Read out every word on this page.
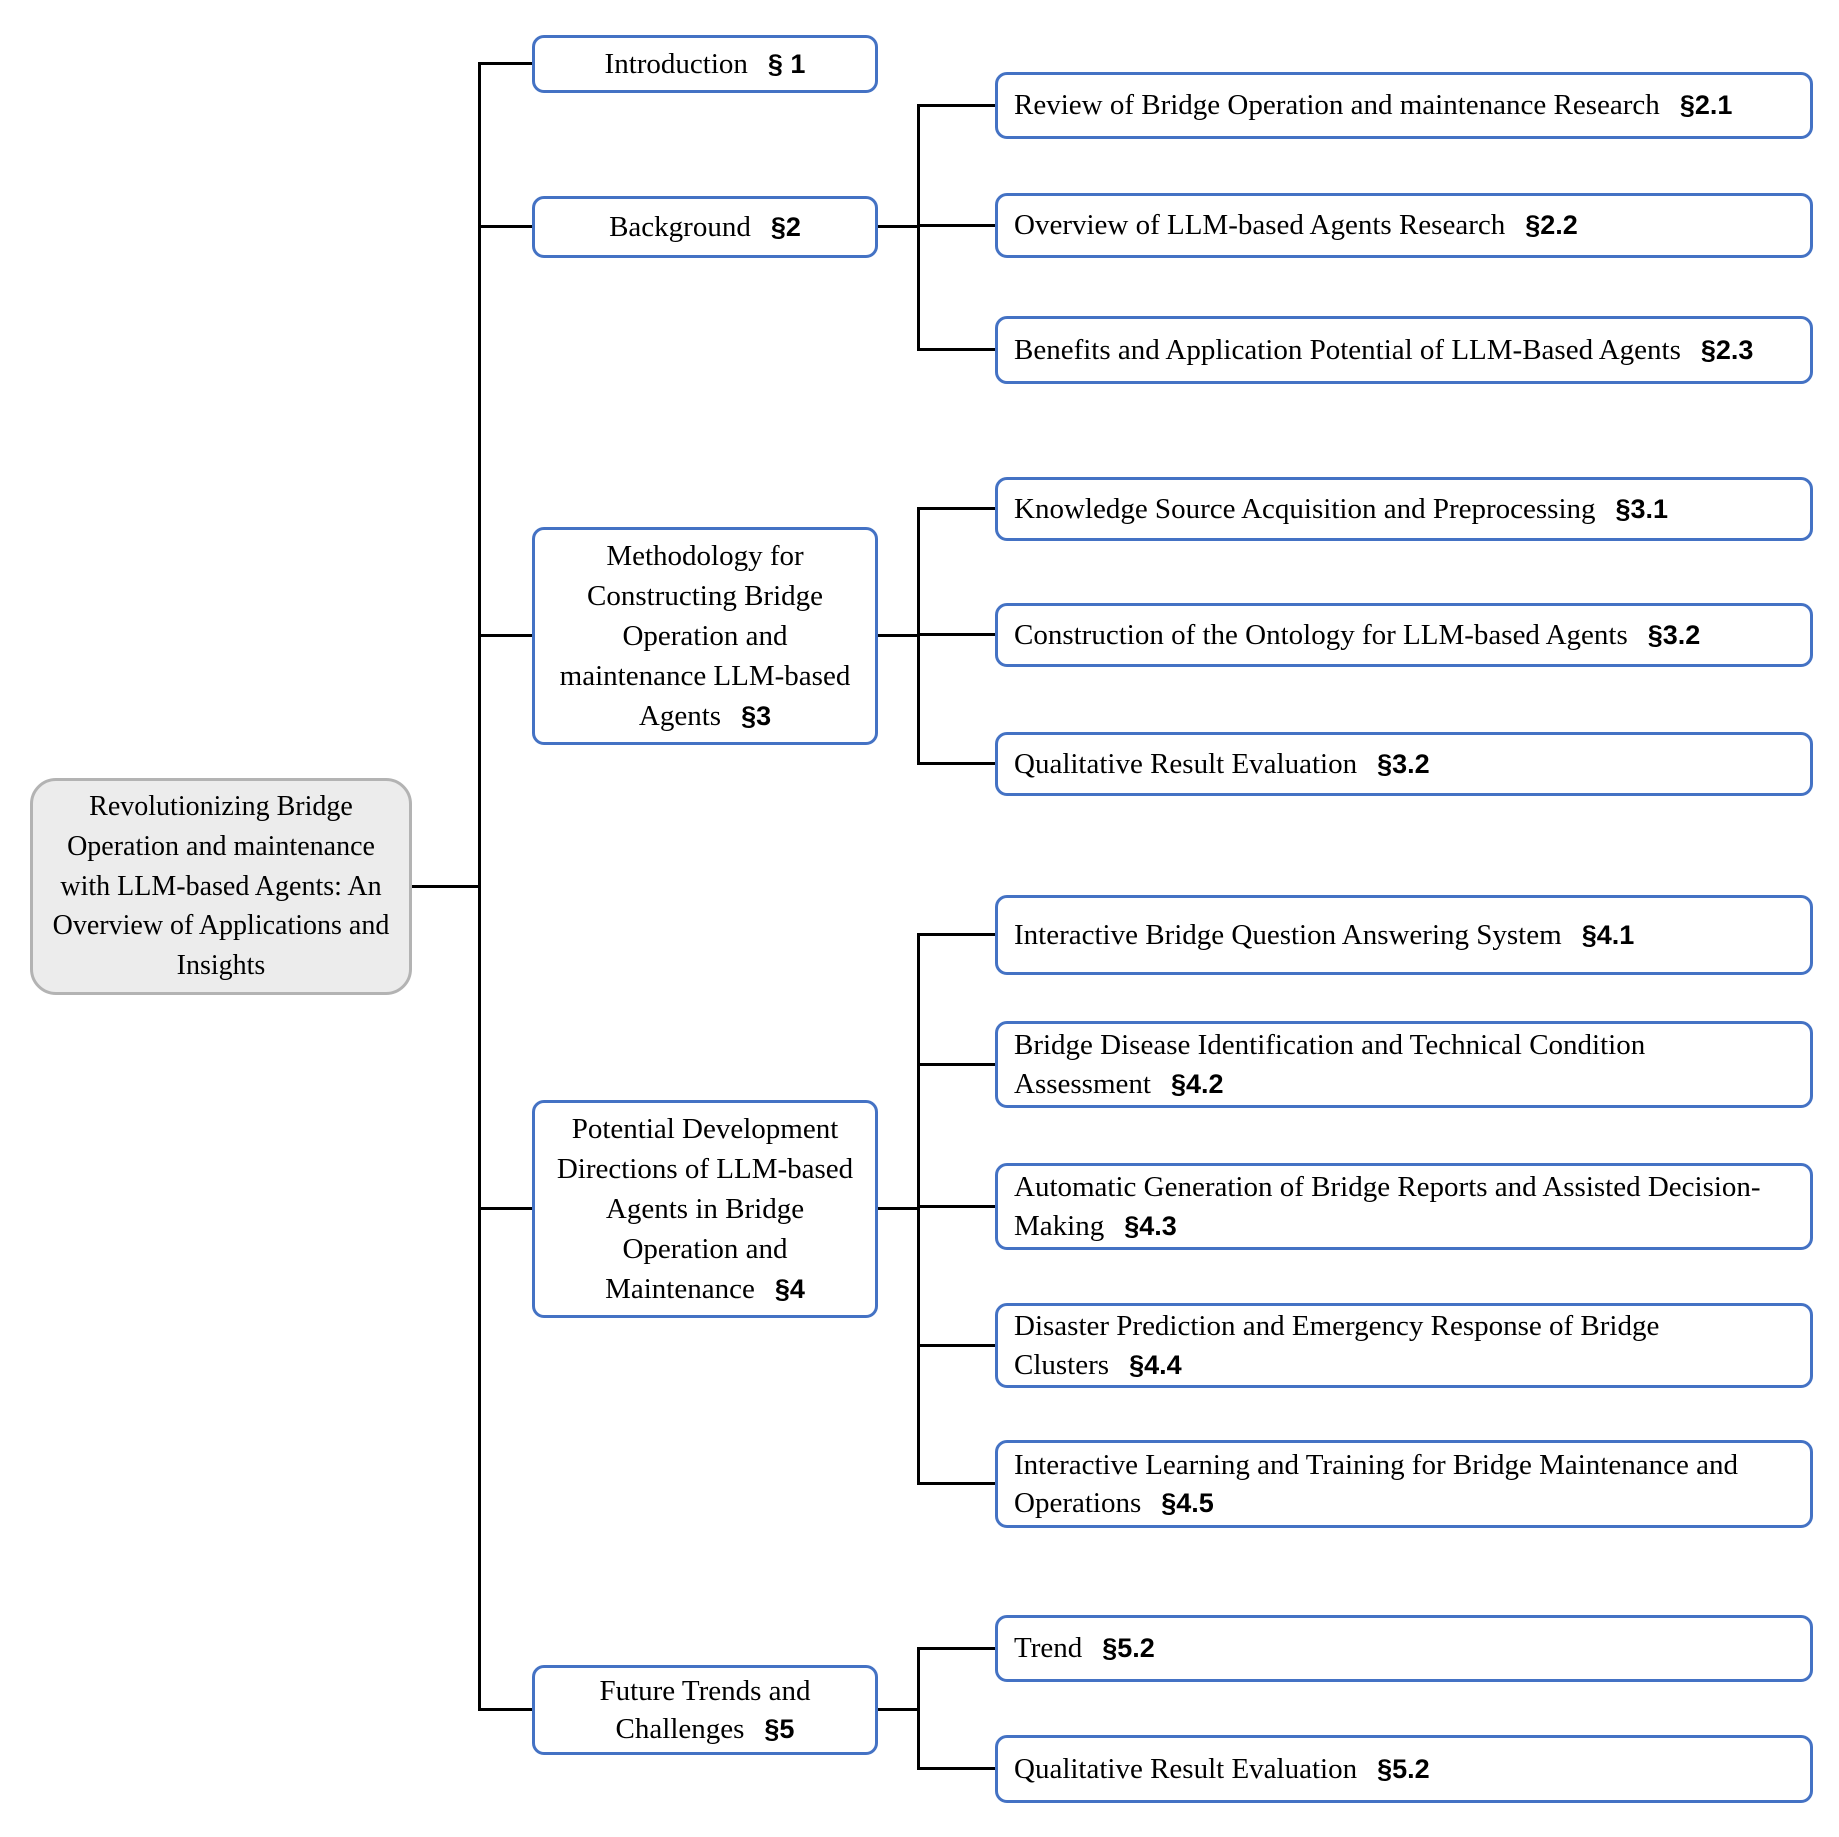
Revolutionizing Bridge Operation and maintenance with LLM-based Agents: An Overview of Applications and Insights
Introduction § 1
Background §2
Methodology for Constructing Bridge Operation and maintenance LLM-based Agents §3
Potential Development Directions of LLM-based Agents in Bridge Operation and Maintenance §4
Future Trends and Challenges §5
Review of Bridge Operation and maintenance Research §2.1
Overview of LLM-based Agents Research §2.2
Benefits and Application Potential of LLM-Based Agents §2.3
Knowledge Source Acquisition and Preprocessing §3.1
Construction of the Ontology for LLM-based Agents §3.2
Qualitative Result Evaluation §3.2
Interactive Bridge Question Answering System §4.1
Bridge Disease Identification and Technical Condition Assessment §4.2
Automatic Generation of Bridge Reports and Assisted Decision-Making §4.3
Disaster Prediction and Emergency Response of Bridge Clusters §4.4
Interactive Learning and Training for Bridge Maintenance and Operations §4.5
Trend §5.2
Qualitative Result Evaluation §5.2
